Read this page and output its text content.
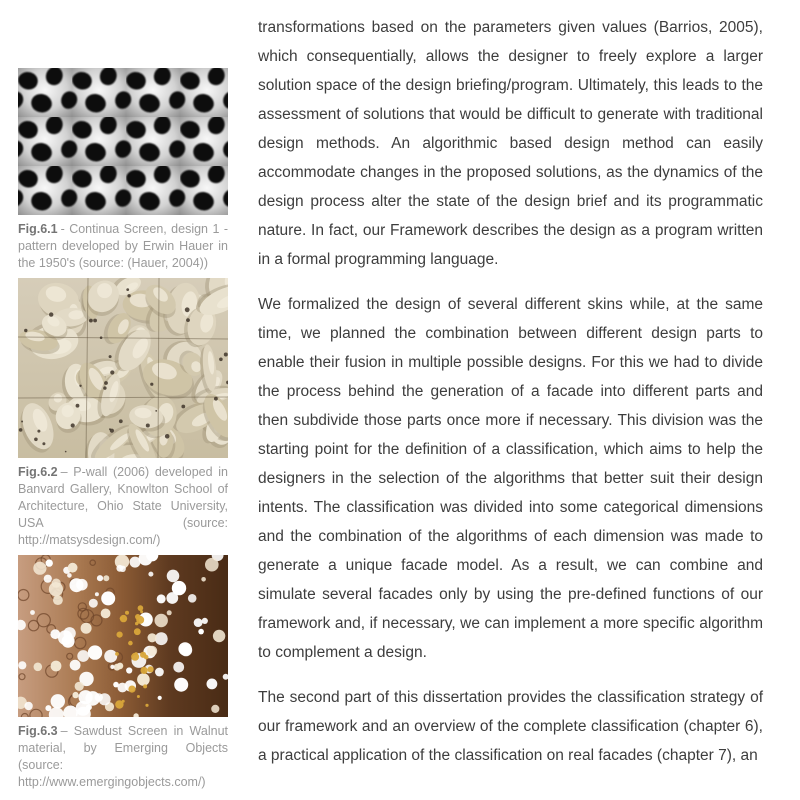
Fig.6.1 - Continua Screen, design 1 - pattern developed by Erwin Hauer in the 1950's (source: (Hauer, 2004))
Fig.6.2 – P-wall (2006) developed in Banvard Gallery, Knowlton School of Architecture, Ohio State University, USA (source: http://matsysdesign.com/)
Fig.6.3 – Sawdust Screen in Walnut material, by Emerging Objects (source: http://www.emergingobjects.com/)

transformations based on the parameters given values (Barrios, 2005), which consequentially, allows the designer to freely explore a larger solution space of the design briefing/program. Ultimately, this leads to the assessment of solutions that would be difficult to generate with traditional design methods. An algorithmic based design method can easily accommodate changes in the proposed solutions, as the dynamics of the design process alter the state of the design brief and its programmatic nature. In fact, our Framework describes the design as a program written in a formal programming language.

We formalized the design of several different skins while, at the same time, we planned the combination between different design parts to enable their fusion in multiple possible designs. For this we had to divide the process behind the generation of a facade into different parts and then subdivide those parts once more if necessary. This division was the starting point for the definition of a classification, which aims to help the designers in the selection of the algorithms that better suit their design intents. The classification was divided into some categorical dimensions and the combination of the algorithms of each dimension was made to generate a unique facade model. As a result, we can combine and simulate several facades only by using the pre-defined functions of our framework and, if necessary, we can implement a more specific algorithm to complement a design.

The second part of this dissertation provides the classification strategy of our framework and an overview of the complete classification (chapter 6), a practical application of the classification on real facades (chapter 7), an
